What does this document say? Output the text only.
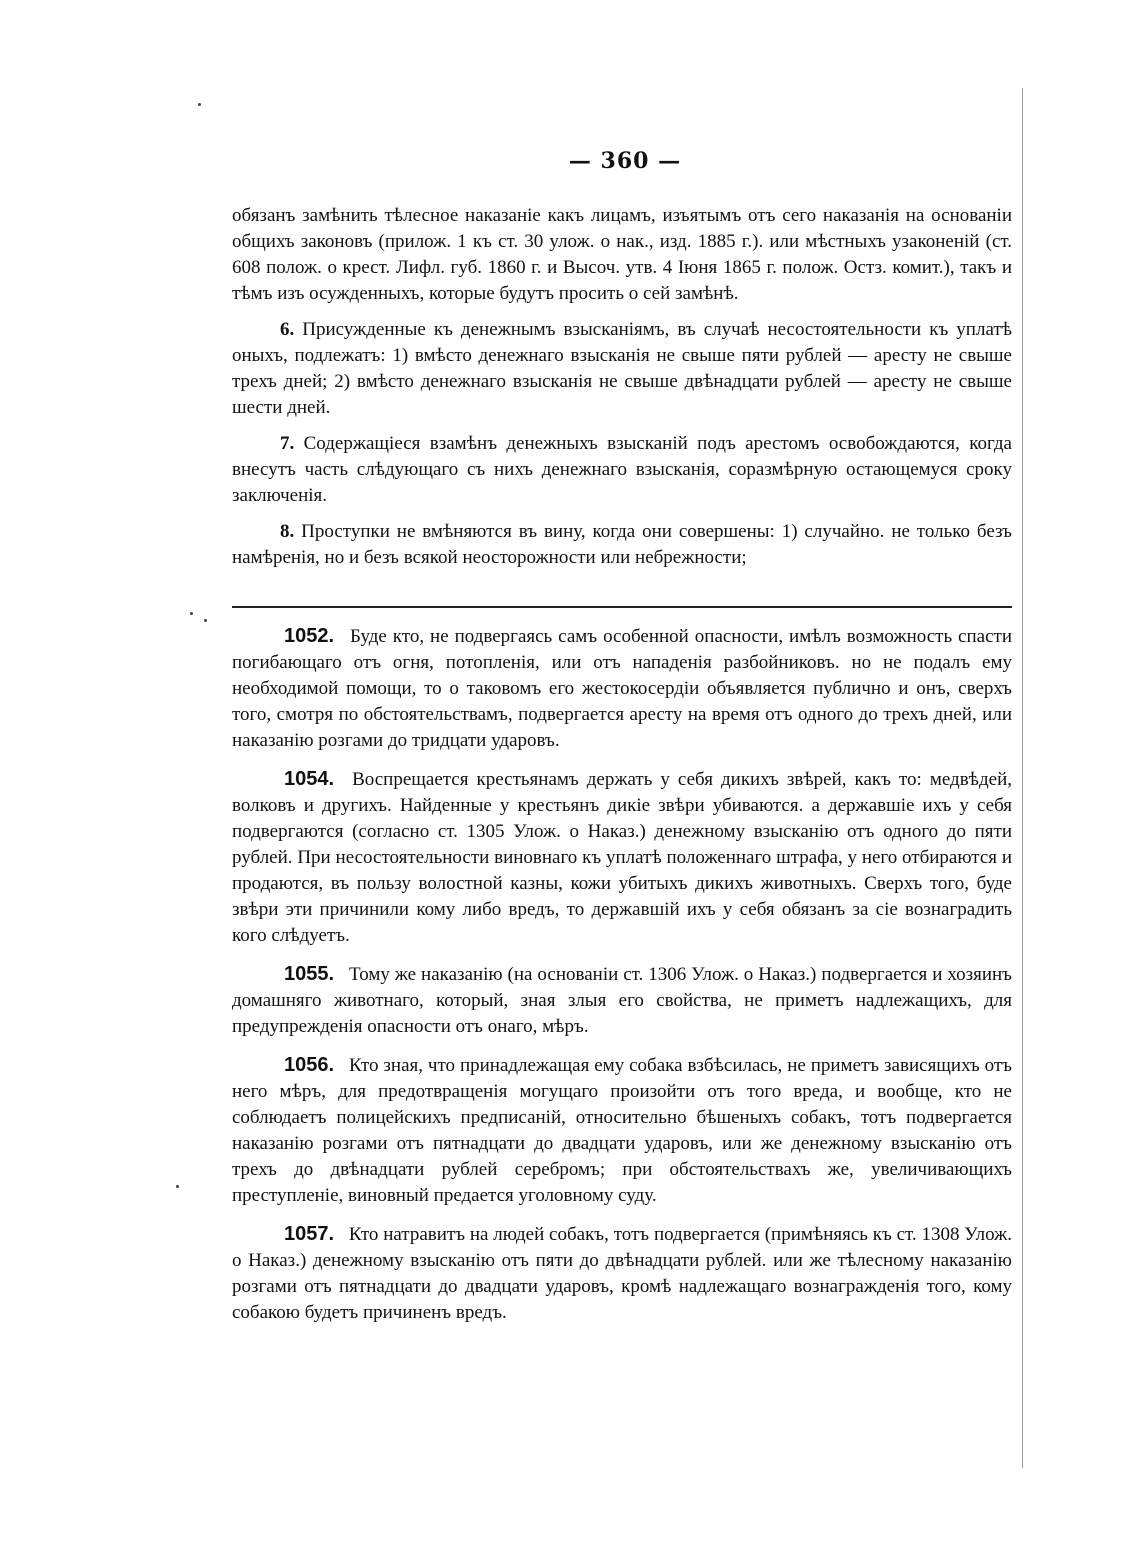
— 360 —

обязанъ замѣнить тѣлесное наказаніе какъ лицамъ, изъятымъ отъ сего наказанія на основаніи общихъ законовъ (прилож. 1 къ ст. 30 улож. о нак., изд. 1885 г.). или мѣстныхъ узаконеній (ст. 608 полож. о крест. Лифл. губ. 1860 г. и Высоч. утв. 4 Іюня 1865 г. полож. Остз. комит.), такъ и тѣмъ изъ осужденныхъ, которые будутъ просить о сей замѣнѣ.

6. Присужденные къ денежнымъ взысканіямъ, въ случаѣ несостоятельности къ уплатѣ оныхъ, подлежатъ: 1) вмѣсто денежнаго взысканія не свыше пяти рублей — аресту не свыше трехъ дней; 2) вмѣсто денежнаго взысканія не свыше двѣнадцати рублей — аресту не свыше шести дней.

7. Содержащіеся взамѣнъ денежныхъ взысканій подъ арестомъ освобождаются, когда внесутъ часть слѣдующаго съ нихъ денежнаго взысканія, соразмѣрную остающемуся сроку заключенія.

8. Проступки не вмѣняются въ вину, когда они совершены: 1) случайно. не только безъ намѣренія, но и безъ всякой неосторожности или небрежности;

1052. Буде кто, не подвергаясь самъ особенной опасности, имѣлъ возможность спасти погибающаго отъ огня, потопленія, или отъ нападенія разбойниковъ. но не подалъ ему необходимой помощи, то о таковомъ его жестокосердіи объявляется публично и онъ, сверхъ того, смотря по обстоятельствамъ, подвергается аресту на время отъ одного до трехъ дней, или наказанію розгами до тридцати ударовъ.

1054. Воспрещается крестьянамъ держать у себя дикихъ звѣрей, какъ то: медвѣдей, волковъ и другихъ. Найденные у крестьянъ дикіе звѣри убиваются. а державшіе ихъ у себя подвергаются (согласно ст. 1305 Улож. о Наказ.) денежному взысканію отъ одного до пяти рублей. При несостоятельности виновнаго къ уплатѣ положеннаго штрафа, у него отбираются и продаются, въ пользу волостной казны, кожи убитыхъ дикихъ животныхъ. Сверхъ того, буде звѣри эти причинили кому либо вредъ, то державшій ихъ у себя обязанъ за сіе вознаградить кого слѣдуетъ.

1055. Тому же наказанію (на основаніи ст. 1306 Улож. о Наказ.) подвергается и хозяинъ домашняго животнаго, который, зная злыя его свойства, не приметъ надлежащихъ, для предупрежденія опасности отъ онаго, мѣръ.

1056. Кто зная, что принадлежащая ему собака взбѣсилась, не приметъ зависящихъ отъ него мѣръ, для предотвращенія могущаго произойти отъ того вреда, и вообще, кто не соблюдаетъ полицейскихъ предписаній, относительно бѣшеныхъ собакъ, тотъ подвергается наказанію розгами отъ пятнадцати до двадцати ударовъ, или же денежному взысканію отъ трехъ до двѣнадцати рублей серебромъ; при обстоятельствахъ же, увеличивающихъ преступленіе, виновный предается уголовному суду.

1057. Кто натравитъ на людей собакъ, тотъ подвергается (примѣняясь къ ст. 1308 Улож. о Наказ.) денежному взысканію отъ пяти до двѣнадцати рублей. или же тѣлесному наказанію розгами отъ пятнадцати до двадцати ударовъ, кромѣ надлежащаго вознагражденія того, кому собакою будетъ причиненъ вредъ.
